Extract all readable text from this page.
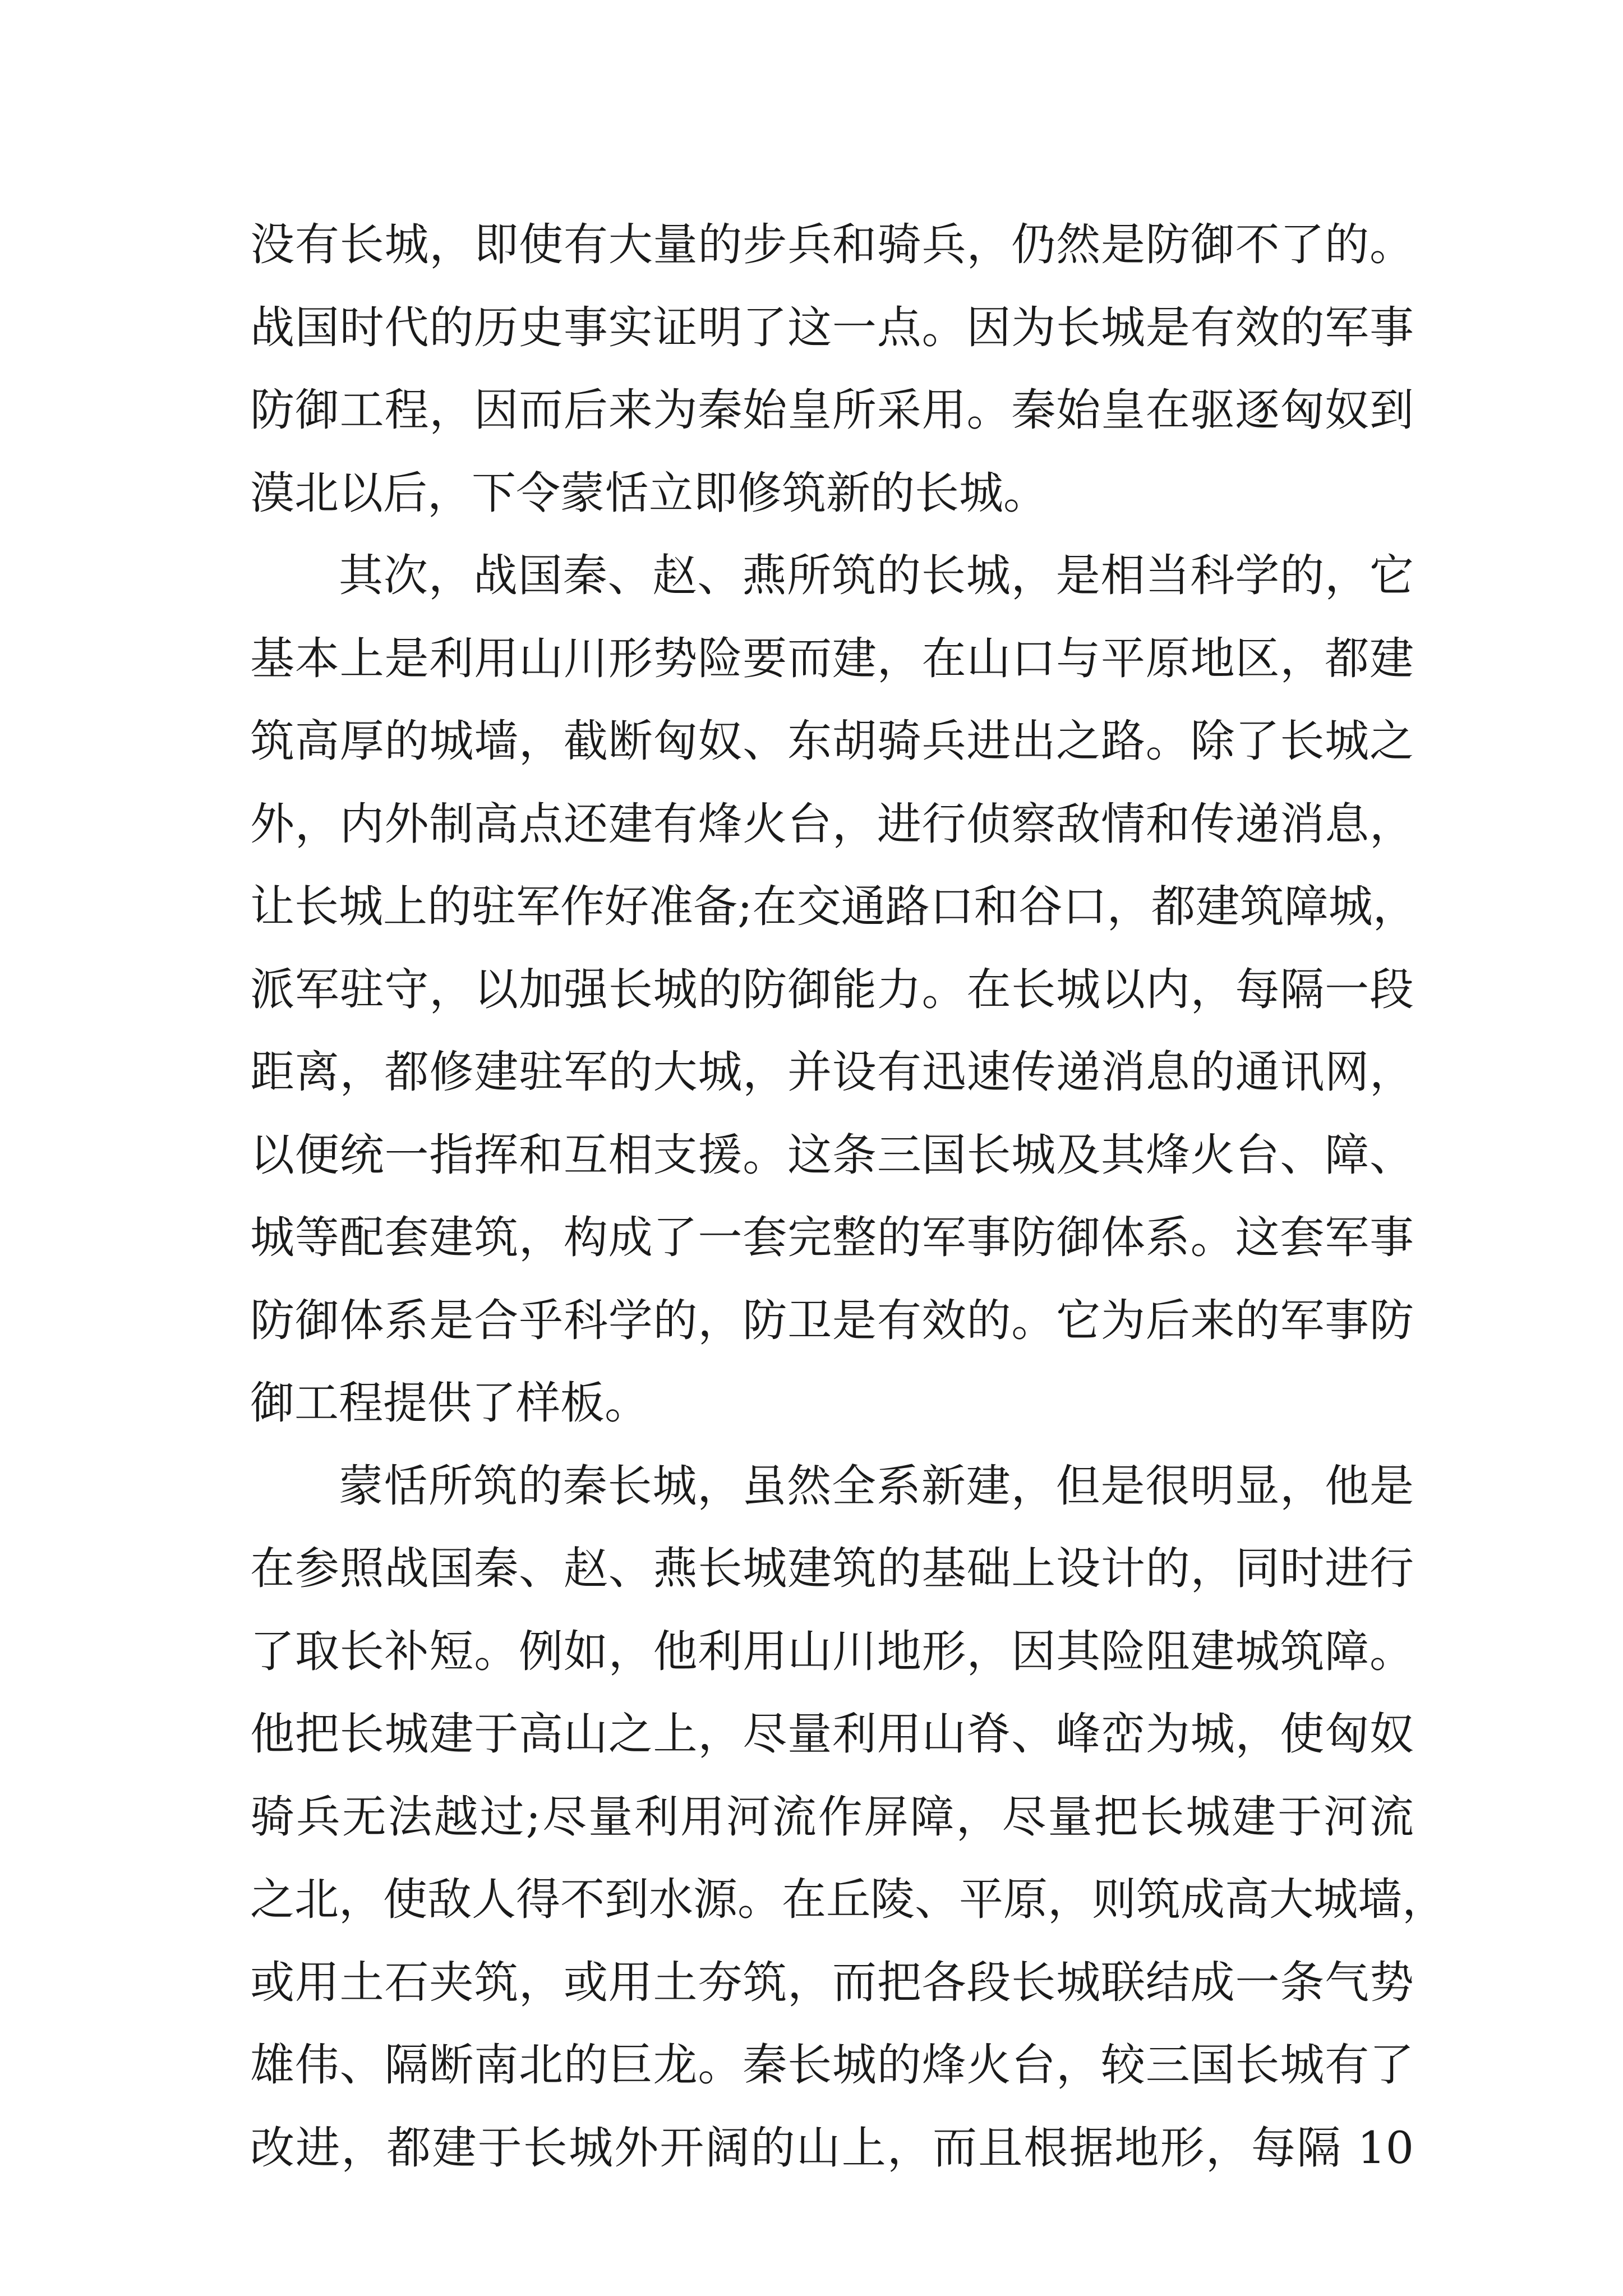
没有长城，即使有大量的步兵和骑兵，仍然是防御不了的。
战国时代的历史事实证明了这一点。因为长城是有效的军事
防御工程，因而后来为秦始皇所采用。秦始皇在驱逐匈奴到
漠北以后，下令蒙恬立即修筑新的长城。
其次，战国秦、赵、燕所筑的长城，是相当科学的，它
基本上是利用山川形势险要而建，在山口与平原地区，都建
筑高厚的城墙，截断匈奴、东胡骑兵进出之路。除了长城之
外，内外制高点还建有烽火台，进行侦察敌情和传递消息，
让长城上的驻军作好准备;在交通路口和谷口，都建筑障城，
派军驻守，以加强长城的防御能力。在长城以内，每隔一段
距离，都修建驻军的大城，并设有迅速传递消息的通讯网，
以便统一指挥和互相支援。这条三国长城及其烽火台、障、
城等配套建筑，构成了一套完整的军事防御体系。这套军事
防御体系是合乎科学的，防卫是有效的。它为后来的军事防
御工程提供了样板。
蒙恬所筑的秦长城，虽然全系新建，但是很明显，他是
在参照战国秦、赵、燕长城建筑的基础上设计的，同时进行
了取长补短。例如，他利用山川地形，因其险阻建城筑障。
他把长城建于高山之上，尽量利用山脊、峰峦为城，使匈奴
骑兵无法越过;尽量利用河流作屏障，尽量把长城建于河流
之北，使敌人得不到水源。在丘陵、平原，则筑成高大城墙，
或用土石夹筑，或用土夯筑，而把各段长城联结成一条气势
雄伟、隔断南北的巨龙。秦长城的烽火台，较三国长城有了
改进，都建于长城外开阔的山上，而且根据地形，每隔 10
